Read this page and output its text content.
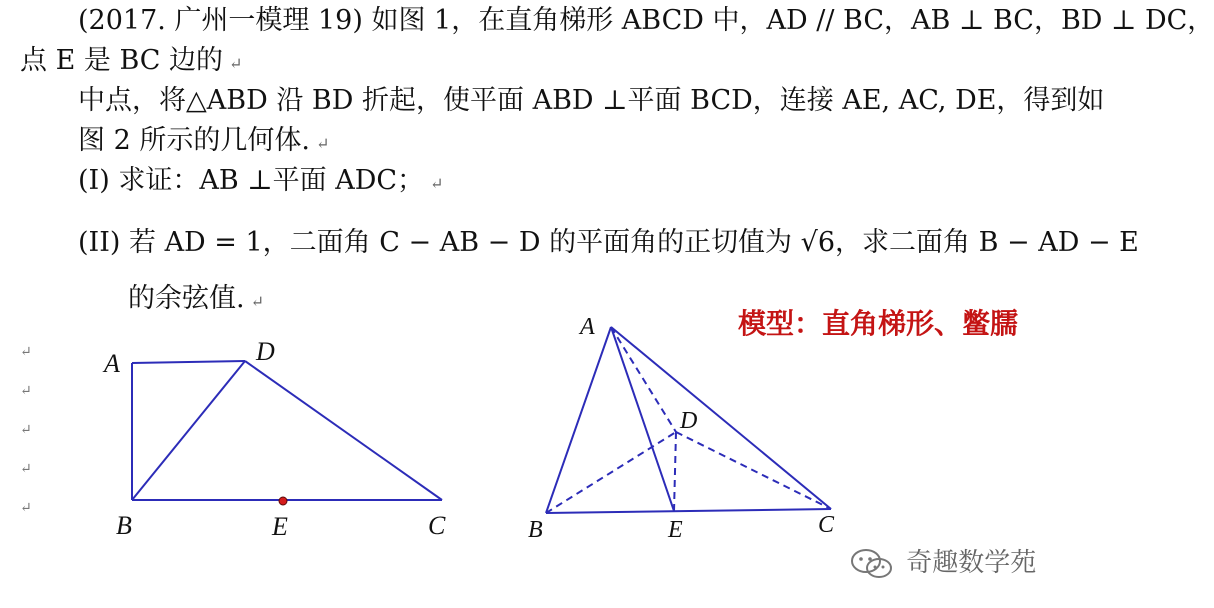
(2017. 广州一模理 19) 如图 1，在直角梯形 ABCD 中，AD // BC，AB ⊥ BC，BD ⊥ DC，
点 E 是 BC 边的 ↵
中点，将△ABD 沿 BD 折起，使平面 ABD ⊥平面 BCD，连接 AE, AC, DE，得到如
图 2 所示的几何体. ↵
(I) 求证：AB ⊥平面 ADC； ↵
(II) 若 AD = 1，二面角 C − AB − D 的平面角的正切值为 √6，求二面角 B − AD − E
的余弦值. ↵
模型：直角梯形、鳖臑
↵
↵
↵
↵
↵
A	D
B	E	C
A
D
B	E	C
奇趣数学苑
